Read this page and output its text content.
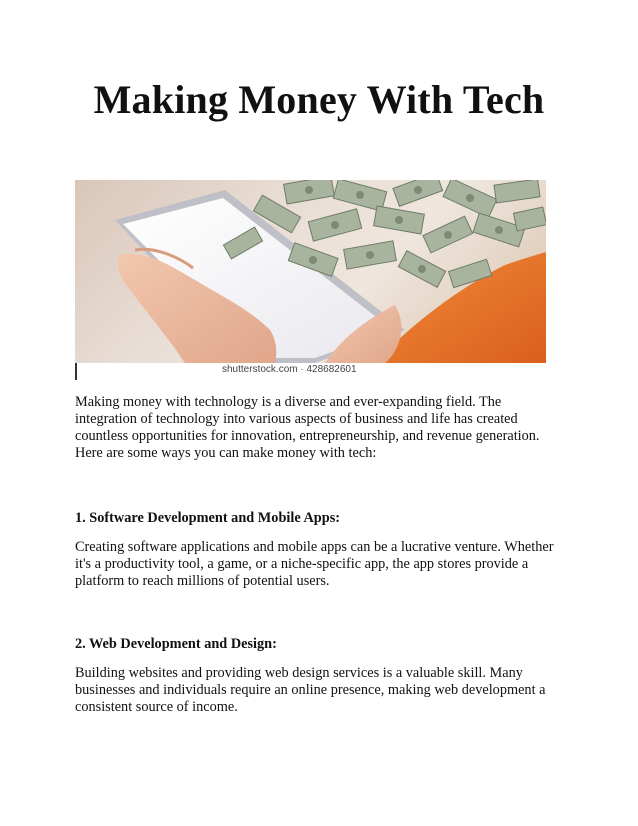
Making Money With Tech
shutterstock.com · 428682601

Making money with technology is a diverse and ever-expanding field. The integration of technology into various aspects of business and life has created countless opportunities for innovation, entrepreneurship, and revenue generation. Here are some ways you can make money with tech:

1. Software Development and Mobile Apps:

Creating software applications and mobile apps can be a lucrative venture. Whether it's a productivity tool, a game, or a niche-specific app, the app stores provide a platform to reach millions of potential users.

2. Web Development and Design:

Building websites and providing web design services is a valuable skill. Many businesses and individuals require an online presence, making web development a consistent source of income.
